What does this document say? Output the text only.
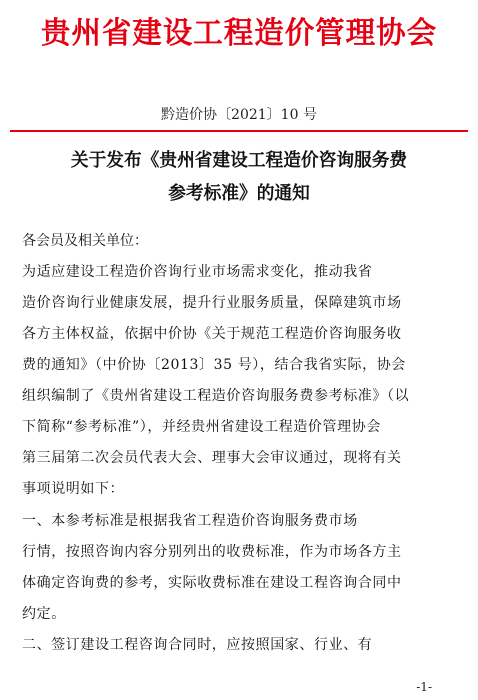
贵州省建设工程造价管理协会
黔造价协〔2021〕10 号
关于发布《贵州省建设工程造价咨询服务费
参考标准》的通知
各会员及相关单位：
为适应建设工程造价咨询行业市场需求变化，推动我省
造价咨询行业健康发展，提升行业服务质量，保障建筑市场
各方主体权益，依据中价协《关于规范工程造价咨询服务收
费的通知》（中价协〔2013〕35 号），结合我省实际，协会
组织编制了《贵州省建设工程造价咨询服务费参考标准》（以
下简称“参考标准”），并经贵州省建设工程造价管理协会
第三届第二次会员代表大会、理事大会审议通过，现将有关
事项说明如下：
一、本参考标准是根据我省工程造价咨询服务费市场
行情，按照咨询内容分别列出的收费标准，作为市场各方主
体确定咨询费的参考，实际收费标准在建设工程咨询合同中
约定。
二、签订建设工程咨询合同时，应按照国家、行业、有
-1-
